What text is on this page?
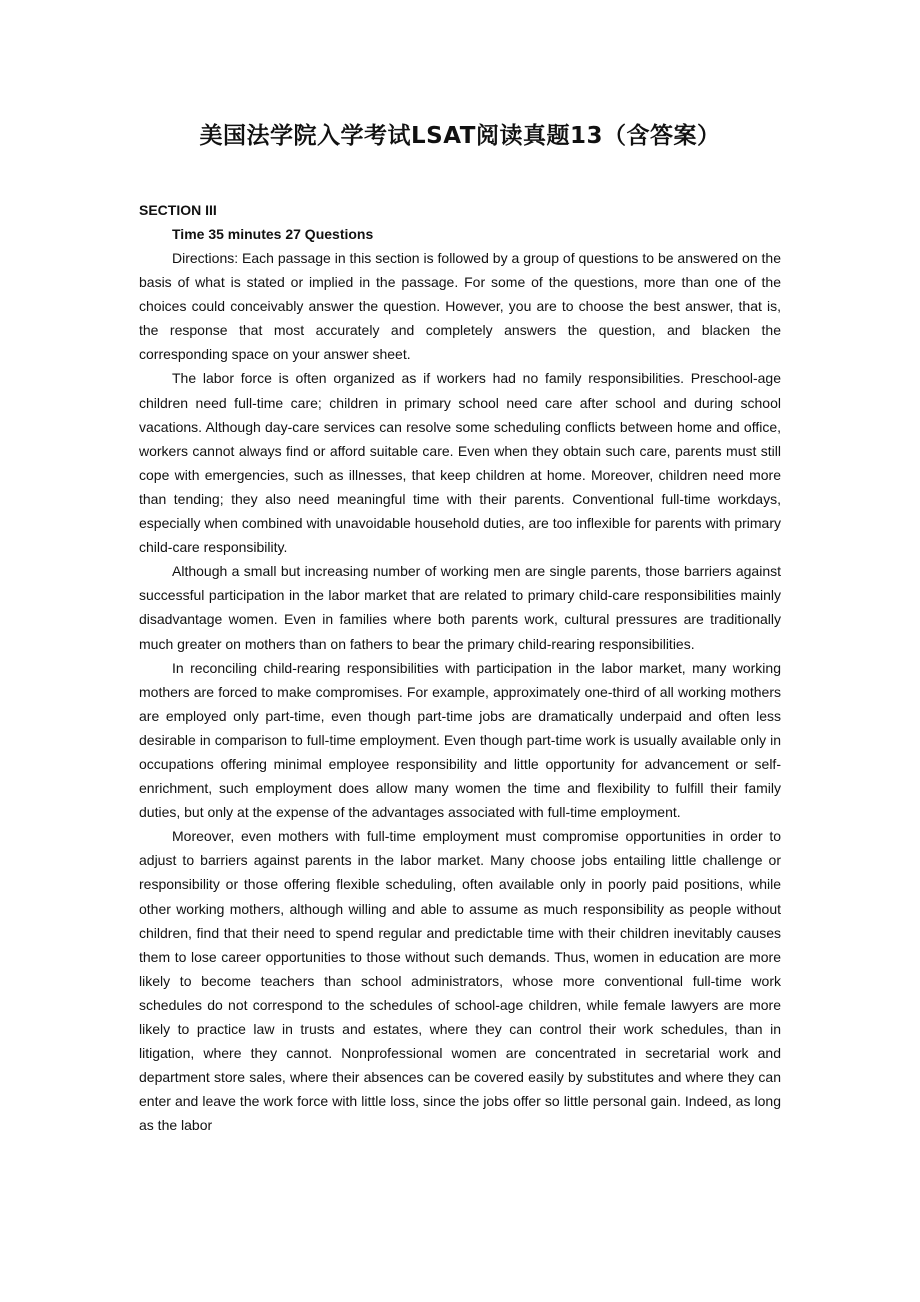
美国法学院入学考试LSAT阅读真题13（含答案）

SECTION III

Time 35 minutes 27 Questions

Directions: Each passage in this section is followed by a group of questions to be answered on the basis of what is stated or implied in the passage. For some of the questions, more than one of the choices could conceivably answer the question. However, you are to choose the best answer, that is, the response that most accurately and completely answers the question, and blacken the corresponding space on your answer sheet.

The labor force is often organized as if workers had no family responsibilities. Preschool-age children need full-time care; children in primary school need care after school and during school vacations. Although day-care services can resolve some scheduling conflicts between home and office, workers cannot always find or afford suitable care. Even when they obtain such care, parents must still cope with emergencies, such as illnesses, that keep children at home. Moreover, children need more than tending; they also need meaningful time with their parents. Conventional full-time workdays, especially when combined with unavoidable household duties, are too inflexible for parents with primary child-care responsibility.

Although a small but increasing number of working men are single parents, those barriers against successful participation in the labor market that are related to primary child-care responsibilities mainly disadvantage women. Even in families where both parents work, cultural pressures are traditionally much greater on mothers than on fathers to bear the primary child-rearing responsibilities.

In reconciling child-rearing responsibilities with participation in the labor market, many working mothers are forced to make compromises. For example, approximately one-third of all working mothers are employed only part-time, even though part-time jobs are dramatically underpaid and often less desirable in comparison to full-time employment. Even though part-time work is usually available only in occupations offering minimal employee responsibility and little opportunity for advancement or self-enrichment, such employment does allow many women the time and flexibility to fulfill their family duties, but only at the expense of the advantages associated with full-time employment.

Moreover, even mothers with full-time employment must compromise opportunities in order to adjust to barriers against parents in the labor market. Many choose jobs entailing little challenge or responsibility or those offering flexible scheduling, often available only in poorly paid positions, while other working mothers, although willing and able to assume as much responsibility as people without children, find that their need to spend regular and predictable time with their children inevitably causes them to lose career opportunities to those without such demands. Thus, women in education are more likely to become teachers than school administrators, whose more conventional full-time work schedules do not correspond to the schedules of school-age children, while female lawyers are more likely to practice law in trusts and estates, where they can control their work schedules, than in litigation, where they cannot. Nonprofessional women are concentrated in secretarial work and department store sales, where their absences can be covered easily by substitutes and where they can enter and leave the work force with little loss, since the jobs offer so little personal gain. Indeed, as long as the labor
